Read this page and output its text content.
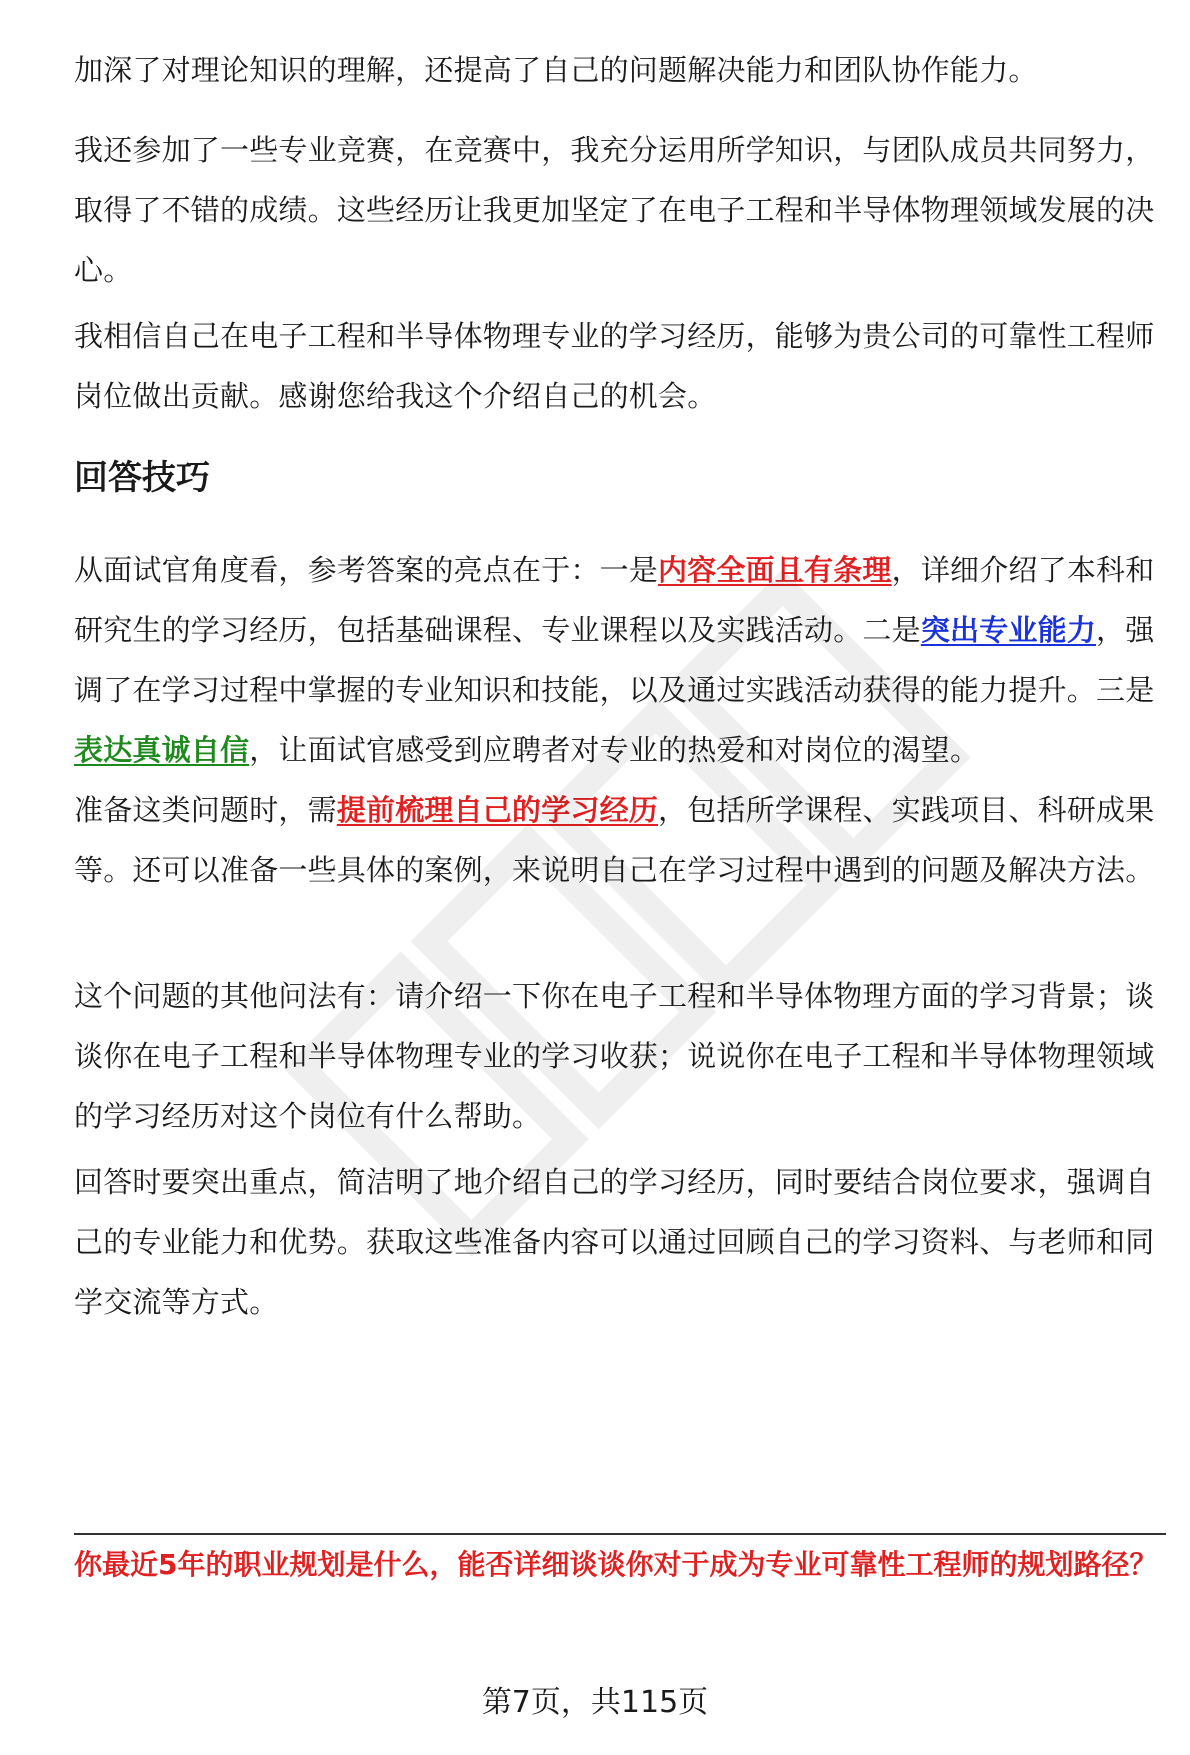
加深了对理论知识的理解，还提高了自己的问题解决能力和团队协作能力。

我还参加了一些专业竞赛，在竞赛中，我充分运用所学知识，与团队成员共同努力，取得了不错的成绩。这些经历让我更加坚定了在电子工程和半导体物理领域发展的决心。

我相信自己在电子工程和半导体物理专业的学习经历，能够为贵公司的可靠性工程师岗位做出贡献。感谢您给我这个介绍自己的机会。

回答技巧

从面试官角度看，参考答案的亮点在于：一是内容全面且有条理，详细介绍了本科和研究生的学习经历，包括基础课程、专业课程以及实践活动。二是突出专业能力，强调了在学习过程中掌握的专业知识和技能，以及通过实践活动获得的能力提升。三是表达真诚自信，让面试官感受到应聘者对专业的热爱和对岗位的渴望。

准备这类问题时，需提前梳理自己的学习经历，包括所学课程、实践项目、科研成果等。还可以准备一些具体的案例，来说明自己在学习过程中遇到的问题及解决方法。

这个问题的其他问法有：请介绍一下你在电子工程和半导体物理方面的学习背景；谈谈你在电子工程和半导体物理专业的学习收获；说说你在电子工程和半导体物理领域的学习经历对这个岗位有什么帮助。

回答时要突出重点，简洁明了地介绍自己的学习经历，同时要结合岗位要求，强调自己的专业能力和优势。获取这些准备内容可以通过回顾自己的学习资料、与老师和同学交流等方式。

你最近5年的职业规划是什么，能否详细谈谈你对于成为专业可靠性工程师的规划路径？

第7页，共115页
